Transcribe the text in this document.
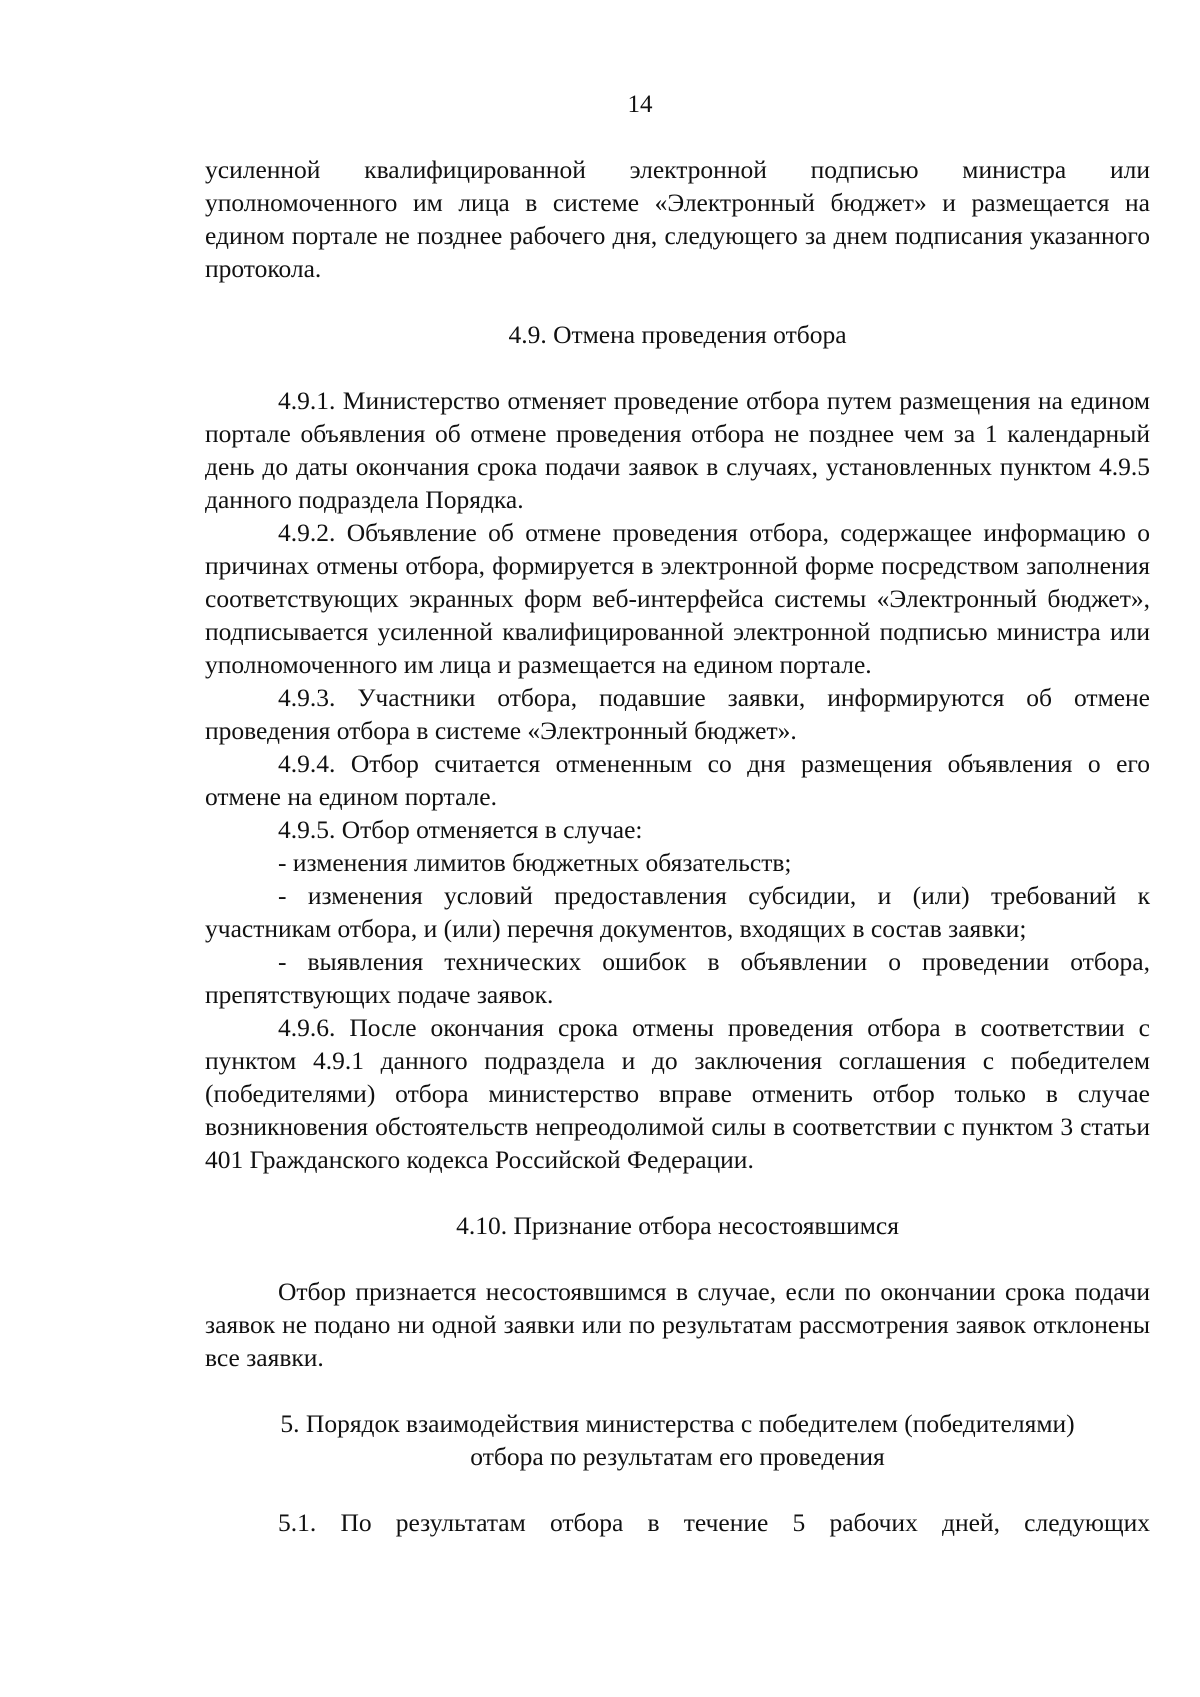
14

усиленной квалифицированной электронной подписью министра или уполномоченного им лица в системе «Электронный бюджет» и размещается на едином портале не позднее рабочего дня, следующего за днем подписания указанного протокола.

4.9. Отмена проведения отбора

4.9.1. Министерство отменяет проведение отбора путем размещения на едином портале объявления об отмене проведения отбора не позднее чем за 1 календарный день до даты окончания срока подачи заявок в случаях, установленных пунктом 4.9.5 данного подраздела Порядка.

4.9.2. Объявление об отмене проведения отбора, содержащее информацию о причинах отмены отбора, формируется в электронной форме посредством заполнения соответствующих экранных форм веб-интерфейса системы «Электронный бюджет», подписывается усиленной квалифицированной электронной подписью министра или уполномоченного им лица и размещается на едином портале.

4.9.3. Участники отбора, подавшие заявки, информируются об отмене проведения отбора в системе «Электронный бюджет».

4.9.4. Отбор считается отмененным со дня размещения объявления о его отмене на едином портале.

4.9.5. Отбор отменяется в случае:

- изменения лимитов бюджетных обязательств;

- изменения условий предоставления субсидии, и (или) требований к участникам отбора, и (или) перечня документов, входящих в состав заявки;

- выявления технических ошибок в объявлении о проведении отбора, препятствующих подаче заявок.

4.9.6. После окончания срока отмены проведения отбора в соответствии с пунктом 4.9.1 данного подраздела и до заключения соглашения с победителем (победителями) отбора министерство вправе отменить отбор только в случае возникновения обстоятельств непреодолимой силы в соответствии с пунктом 3 статьи 401 Гражданского кодекса Российской Федерации.

4.10. Признание отбора несостоявшимся

Отбор признается несостоявшимся в случае, если по окончании срока подачи заявок не подано ни одной заявки или по результатам рассмотрения заявок отклонены все заявки.

5. Порядок взаимодействия министерства с победителем (победителями)

отбора по результатам его проведения

5.1. По результатам отбора в течение 5 рабочих дней, следующих
